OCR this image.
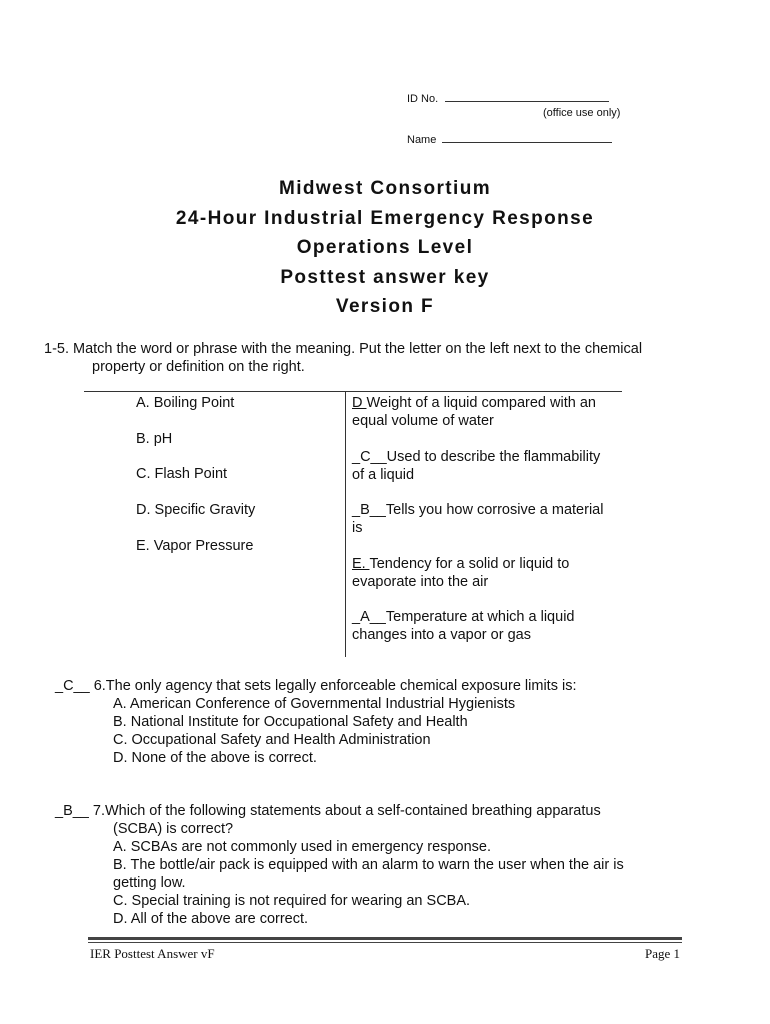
ID No.
(office use only)
Name
Midwest Consortium
24-Hour Industrial Emergency Response
Operations Level
Posttest answer key
Version F
1-5. Match the word or phrase with the meaning. Put the letter on the left next to the chemical
property or definition on the right.
A. Boiling Point
B. pH
C. Flash Point
D. Specific Gravity
E. Vapor Pressure
D Weight of a liquid compared with an
equal volume of water
_C__Used to describe the flammability
of a liquid
_B__Tells you how corrosive a material
is
E. Tendency for a solid or liquid to
evaporate into the air
_A__Temperature at which a liquid
changes into a vapor or gas
_C__ 6.The only agency that sets legally enforceable chemical exposure limits is:
A. American Conference of Governmental Industrial Hygienists
B. National Institute for Occupational Safety and Health
C. Occupational Safety and Health Administration
D. None of the above is correct.
_B__ 7.Which of the following statements about a self-contained breathing apparatus
(SCBA) is correct?
A. SCBAs are not commonly used in emergency response.
B. The bottle/air pack is equipped with an alarm to warn the user when the air is
getting low.
C. Special training is not required for wearing an SCBA.
D. All of the above are correct.
IER Posttest Answer vF	Page 1
